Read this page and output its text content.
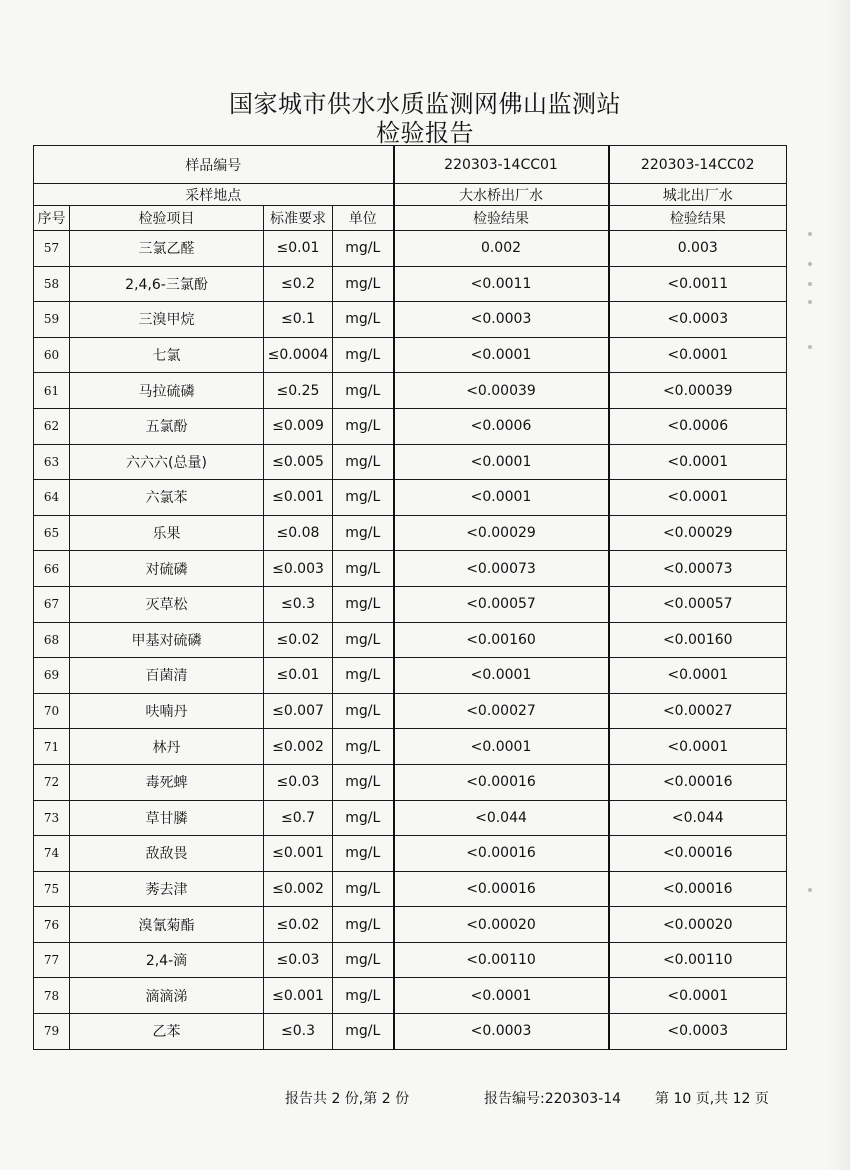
国家城市供水水质监测网佛山监测站
检验报告
样品编号				220303-14CC01	220303-14CC02
采样地点				大水桥出厂水	城北出厂水
序号	检验项目	标准要求	单位	检验结果	检验结果
57	三氯乙醛	≤0.01	mg/L	0.002	0.003
58	2,4,6-三氯酚	≤0.2	mg/L	<0.0011	<0.0011
59	三溴甲烷	≤0.1	mg/L	<0.0003	<0.0003
60	七氯	≤0.0004	mg/L	<0.0001	<0.0001
61	马拉硫磷	≤0.25	mg/L	<0.00039	<0.00039
62	五氯酚	≤0.009	mg/L	<0.0006	<0.0006
63	六六六(总量)	≤0.005	mg/L	<0.0001	<0.0001
64	六氯苯	≤0.001	mg/L	<0.0001	<0.0001
65	乐果	≤0.08	mg/L	<0.00029	<0.00029
66	对硫磷	≤0.003	mg/L	<0.00073	<0.00073
67	灭草松	≤0.3	mg/L	<0.00057	<0.00057
68	甲基对硫磷	≤0.02	mg/L	<0.00160	<0.00160
69	百菌清	≤0.01	mg/L	<0.0001	<0.0001
70	呋喃丹	≤0.007	mg/L	<0.00027	<0.00027
71	林丹	≤0.002	mg/L	<0.0001	<0.0001
72	毒死蜱	≤0.03	mg/L	<0.00016	<0.00016
73	草甘膦	≤0.7	mg/L	<0.044	<0.044
74	敌敌畏	≤0.001	mg/L	<0.00016	<0.00016
75	莠去津	≤0.002	mg/L	<0.00016	<0.00016
76	溴氰菊酯	≤0.02	mg/L	<0.00020	<0.00020
77	2,4-滴	≤0.03	mg/L	<0.00110	<0.00110
78	滴滴涕	≤0.001	mg/L	<0.0001	<0.0001
79	乙苯	≤0.3	mg/L	<0.0003	<0.0003
报告共 2 份,第 2 份	报告编号:220303-14 第 10 页,共 12 页
